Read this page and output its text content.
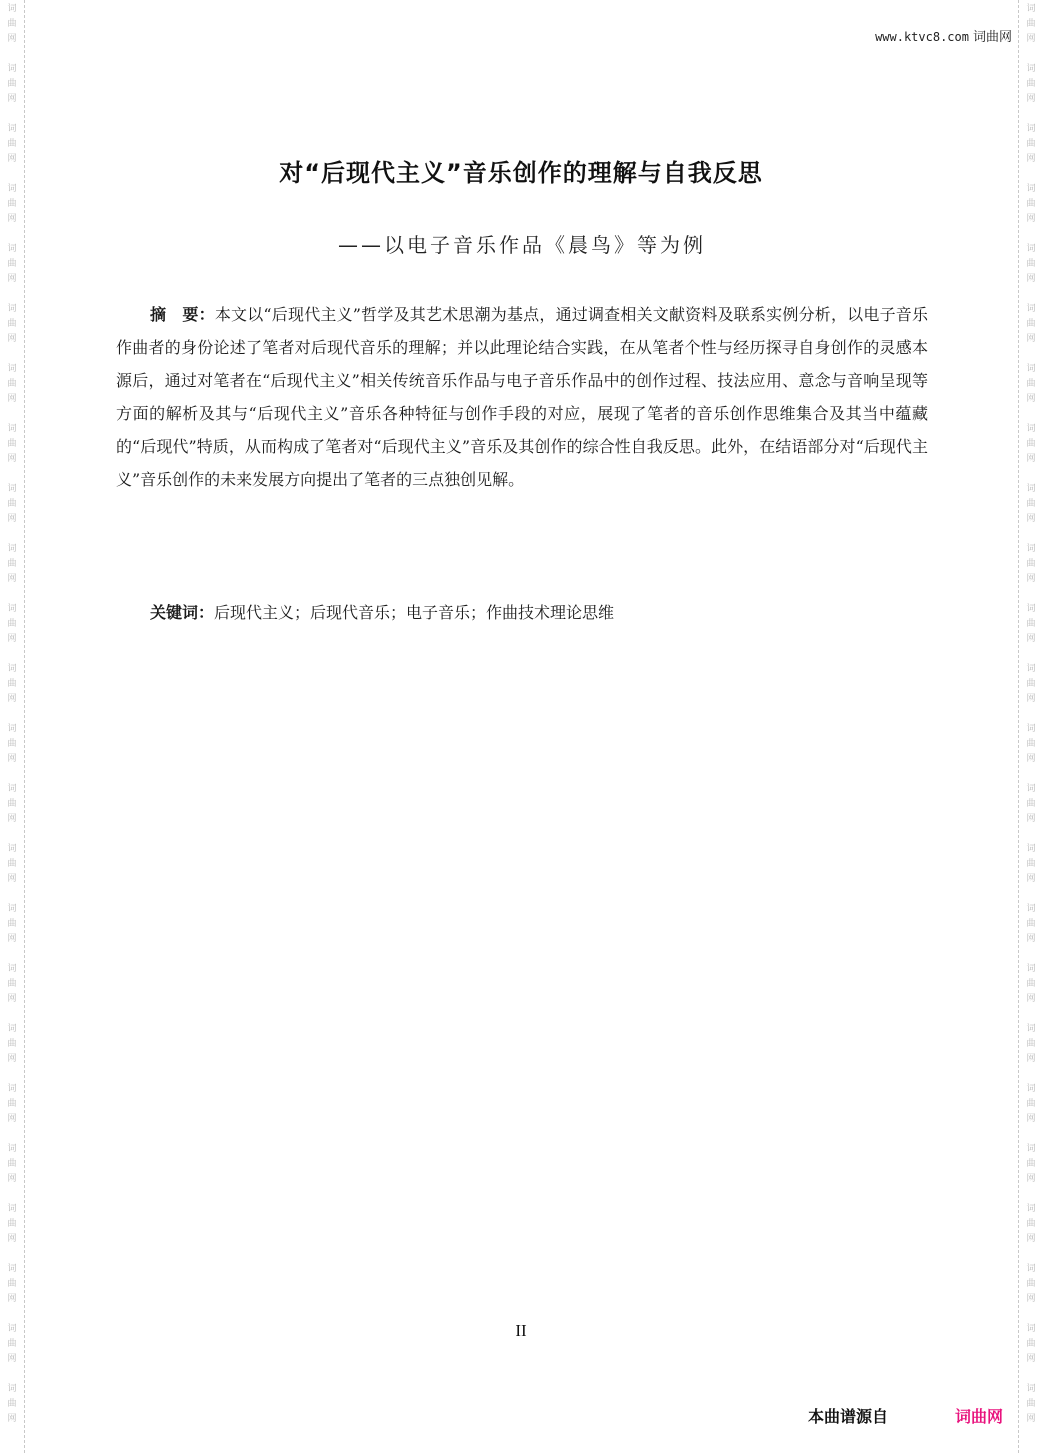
词
曲
网
词
曲
网
词
曲
网
词
曲
网
词
曲
网
词
曲
网
词
曲
网
词
曲
网
词
曲
网
词
曲
网
词
曲
网
词
曲
网
词
曲
网
词
曲
网
词
曲
网
词
曲
网
词
曲
网
词
曲
网
词
曲
网
词
曲
网
词
曲
网
词
曲
网
词
曲
网
词
曲
网
词
曲
网
词
曲
网
词
曲
网
词
曲
网
词
曲
网
词
曲
网
词
曲
网
词
曲
网
词
曲
网
词
曲
网
词
曲
网
词
曲
网
词
曲
网
词
曲
网
词
曲
网
词
曲
网
词
曲
网
词
曲
网
词
曲
网
词
曲
网
词
曲
网
词
曲
网
词
曲
网
词
曲
网
www.ktvc8.com 词曲网
对“后现代主义”音乐创作的理解与自我反思
——以电子音乐作品《晨鸟》等为例
摘　要：本文以“后现代主义”哲学及其艺术思潮为基点，通过调查相关文献资料及联系实例分析，以电子音乐作曲者的身份论述了笔者对后现代音乐的理解；并以此理论结合实践，在从笔者个性与经历探寻自身创作的灵感本源后，通过对笔者在“后现代主义”相关传统音乐作品与电子音乐作品中的创作过程、技法应用、意念与音响呈现等方面的解析及其与“后现代主义”音乐各种特征与创作手段的对应，展现了笔者的音乐创作思维集合及其当中蕴藏的“后现代”特质，从而构成了笔者对“后现代主义”音乐及其创作的综合性自我反思。此外，在结语部分对“后现代主义”音乐创作的未来发展方向提出了笔者的三点独创见解。
关键词：后现代主义；后现代音乐；电子音乐；作曲技术理论思维
II
本曲谱源自	词曲网
